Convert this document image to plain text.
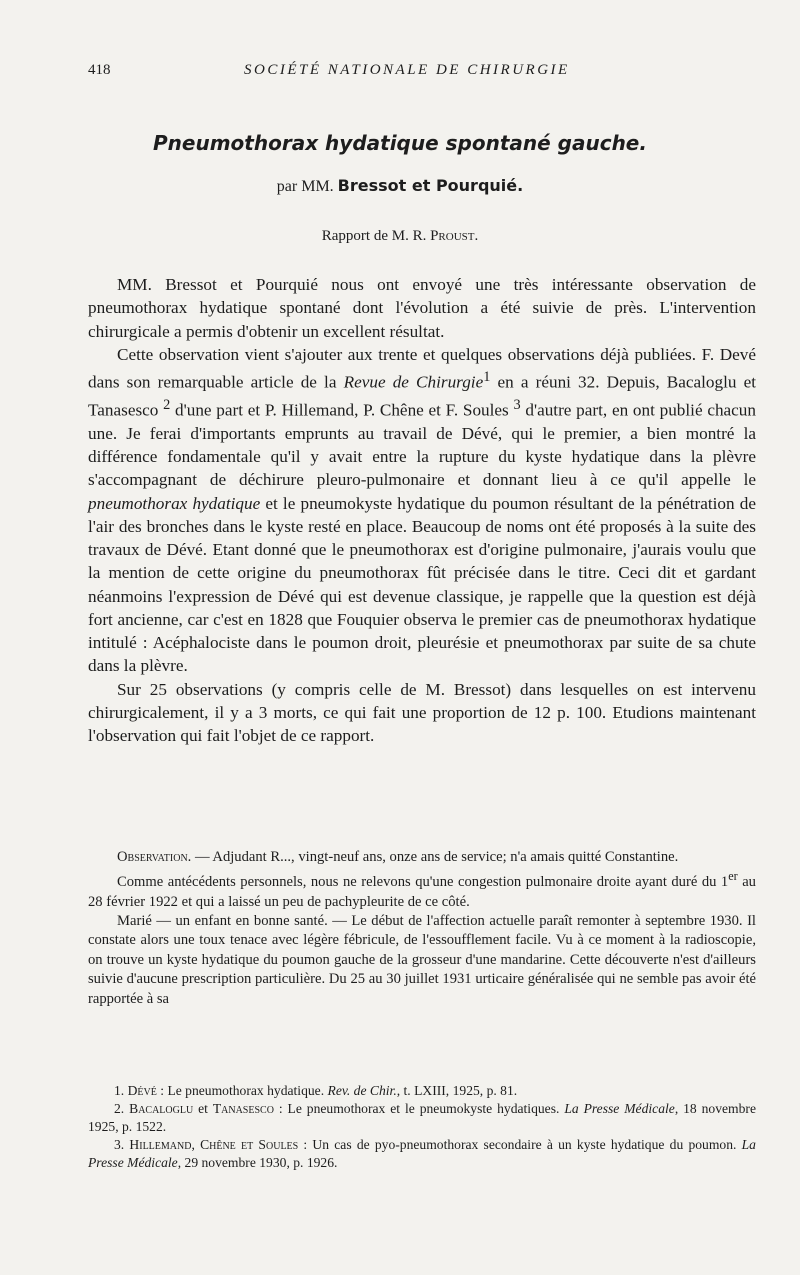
418	SOCIÉTÉ NATIONALE DE CHIRURGIE
Pneumothorax hydatique spontané gauche.
par MM. Bressot et Pourquié.
Rapport de M. R. Proust.

MM. Bressot et Pourquié nous ont envoyé une très intéressante observation de pneumothorax hydatique spontané dont l'évolution a été suivie de près. L'intervention chirurgicale a permis d'obtenir un excellent résultat.

Cette observation vient s'ajouter aux trente et quelques observations déjà publiées. F. Devé dans son remarquable article de la Revue de Chirurgie$^1$ en a réuni 32. Depuis, Bacaloglu et Tanasesco $^2$ d'une part et P. Hillemand, P. Chêne et F. Soules $^3$ d'autre part, en ont publié chacun une. Je ferai d'importants emprunts au travail de Dévé, qui le premier, a bien montré la différence fondamentale qu'il y avait entre la rupture du kyste hydatique dans la plèvre s'accompagnant de déchirure pleuro-pulmonaire et donnant lieu à ce qu'il appelle le pneumothorax hydatique et le pneumokyste hydatique du poumon résultant de la pénétration de l'air des bronches dans le kyste resté en place. Beaucoup de noms ont été proposés à la suite des travaux de Dévé. Etant donné que le pneumothorax est d'origine pulmonaire, j'aurais voulu que la mention de cette origine du pneumothorax fût précisée dans le titre. Ceci dit et gardant néanmoins l'expression de Dévé qui est devenue classique, je rappelle que la question est déjà fort ancienne, car c'est en 1828 que Fouquier observa le premier cas de pneumothorax hydatique intitulé : Acéphalociste dans le poumon droit, pleurésie et pneumothorax par suite de sa chute dans la plèvre.

Sur 25 observations (y compris celle de M. Bressot) dans lesquelles on est intervenu chirurgicalement, il y a 3 morts, ce qui fait une proportion de 12 p. 100. Etudions maintenant l'observation qui fait l'objet de ce rapport.

Observation. — Adjudant R..., vingt-neuf ans, onze ans de service; n'a amais quitté Constantine.

Comme antécédents personnels, nous ne relevons qu'une congestion pulmonaire droite ayant duré du 1er au 28 février 1922 et qui a laissé un peu de pachypleurite de ce côté.

Marié — un enfant en bonne santé. — Le début de l'affection actuelle paraît remonter à septembre 1930. Il constate alors une toux tenace avec légère fébricule, de l'essoufflement facile. Vu à ce moment à la radioscopie, on trouve un kyste hydatique du poumon gauche de la grosseur d'une mandarine. Cette découverte n'est d'ailleurs suivie d'aucune prescription particulière. Du 25 au 30 juillet 1931 urticaire généralisée qui ne semble pas avoir été rapportée à sa

1. Dévé : Le pneumothorax hydatique. Rev. de Chir., t. LXIII, 1925, p. 81.

2. Bacaloglu et Tanasesco : Le pneumothorax et le pneumokyste hydatiques. La Presse Médicale, 18 novembre 1925, p. 1522.

3. Hillemand, Chêne et Soules : Un cas de pyo-pneumothorax secondaire à un kyste hydatique du poumon. La Presse Médicale, 29 novembre 1930, p. 1926.
